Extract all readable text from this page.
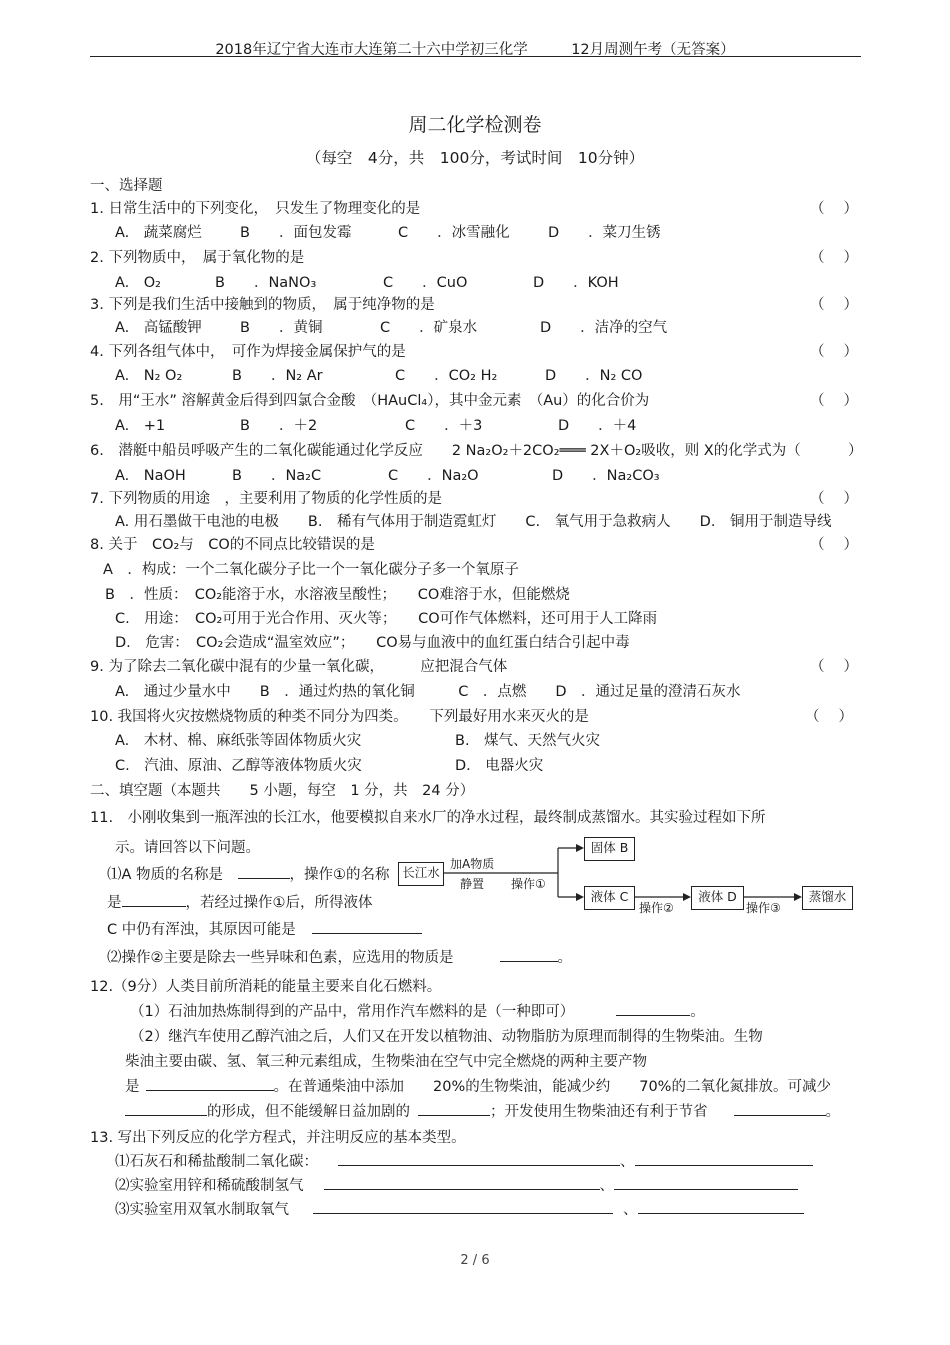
2018年辽宁省大连市大连第二十六中学初三化学　　　12月周测午考（无答案）
周二化学检测卷
（每空　4分，共　100分，考试时间　10分钟）
一、选择题
1. 日常生活中的下列变化，　只发生了物理变化的是	（ ）
A.　蔬菜腐烂	B　　．面包发霉	C　　．冰雪融化	D　　．菜刀生锈
2. 下列物质中，　属于氧化物的是	（ ）
A.　O₂	B　　．NaNO₃	C　　．CuO	D　　．KOH
3. 下列是我们生活中接触到的物质，　属于纯净物的是	（ ）
A.　高锰酸钾	B　　．黄铜	C　　．矿泉水	D　　．洁净的空气
4. 下列各组气体中，　可作为焊接金属保护气的是	（ ）
A.　N₂ O₂	B　　．N₂ Ar	C　　．CO₂ H₂	D　　．N₂ CO
5.　用“王水” 溶解黄金后得到四氯合金酸　（HAuCl₄），其中金元素　（Au）的化合价为	（ ）
A.　+1	B　　．＋2	C　　．＋3	D　　．＋4
6.　潜艇中船员呼吸产生的二氧化碳能通过化学反应　　2 Na₂O₂＋2CO₂═══ 2X＋O₂吸收，则 X的化学式为（	）
A.　NaOH	B　　．Na₂C	C　　．Na₂O	D　　．Na₂CO₃
7. 下列物质的用途　，主要利用了物质的化学性质的是	（ ）
A. 用石墨做干电池的电极　　B.　稀有气体用于制造霓虹灯　　C.　氧气用于急救病人　　D.　铜用于制造导线
8. 关于　CO₂与　CO的不同点比较错误的是	（ ）
A　．构成：一个二氧化碳分子比一个一氧化碳分子多一个氧原子
B　．性质：　CO₂能溶于水，水溶液呈酸性；　　CO难溶于水，但能燃烧
C.　用途：　CO₂可用于光合作用、灭火等；　　CO可作气体燃料，还可用于人工降雨
D.　危害：　CO₂会造成“温室效应”；　　CO易与血液中的血红蛋白结合引起中毒
9. 为了除去二氧化碳中混有的少量一氧化碳，　　　应把混合气体	（ ）
A.　通过少量水中　　B　．通过灼热的氧化铜　　　C　．点燃　　D　．通过足量的澄清石灰水
10. 我国将火灾按燃烧物质的种类不同分为四类。　　下列最好用水来灭火的是	（ ）
A.　木材、棉、麻纸张等固体物质火灾	B.　煤气、天然气火灾
C.　汽油、原油、乙醇等液体物质火灾	D.　电器火灾
二、填空题（本题共　　5 小题，每空　1 分，共　24 分）
11.　小刚收集到一瓶浑浊的长江水，他要模拟自来水厂的净水过程，最终制成蒸馏水。其实验过程如下所
示。请回答以下问题。
⑴A 物质的名称是　	，操作①的名称
是	，若经过操作①后，所得液体
C 中仍有浑浊，其原因可能是
⑵操作②主要是除去一些异味和色素，应选用的物质是	。
长江水
加A物质
静置 操作①
固体 B
液体 C
操作②
液体 D
操作③
蒸馏水
12.（9分）人类目前所消耗的能量主要来自化石燃料。
（1）石油加热炼制得到的产品中，常用作汽车燃料的是（一种即可）	。
（2）继汽车使用乙醇汽油之后，人们又在开发以植物油、动物脂肪为原理而制得的生物柴油。生物
柴油主要由碳、氢、氧三种元素组成，生物柴油在空气中完全燃烧的两种主要产物
是	。在普通柴油中添加　　20%的生物柴油，能减少约　　70%的二氧化氮排放。可减少
的形成，但不能缓解日益加剧的	；开发使用生物柴油还有利于节省	。
13. 写出下列反应的化学方程式，并注明反应的基本类型。
⑴石灰石和稀盐酸制二氧化碳：	、
⑵实验室用锌和稀硫酸制氢气	、
⑶实验室用双氧水制取氧气	、
2 / 6
